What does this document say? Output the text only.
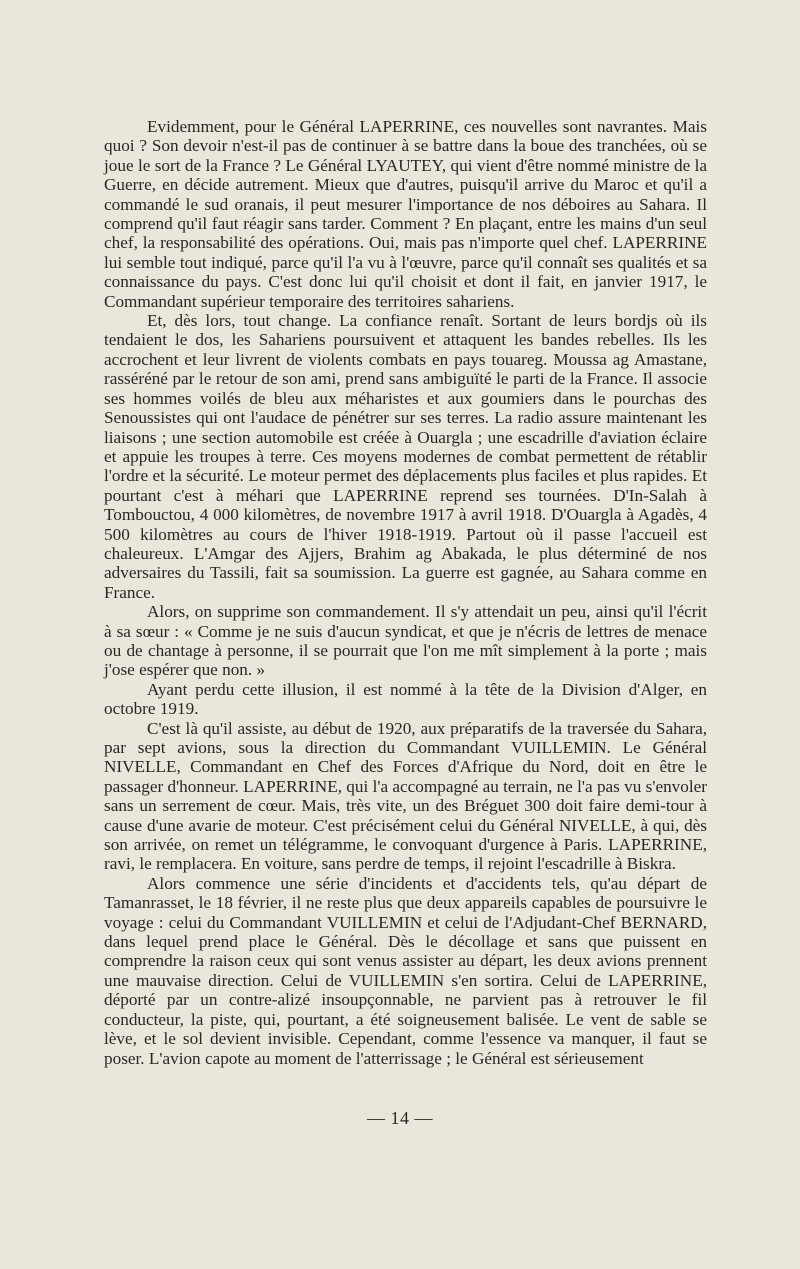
Evidemment, pour le Général LAPERRINE, ces nouvelles sont navrantes. Mais quoi ? Son devoir n'est-il pas de continuer à se battre dans la boue des tranchées, où se joue le sort de la France ? Le Général LYAUTEY, qui vient d'être nommé ministre de la Guerre, en décide autrement. Mieux que d'autres, puisqu'il arrive du Maroc et qu'il a commandé le sud oranais, il peut mesurer l'importance de nos déboires au Sahara. Il comprend qu'il faut réagir sans tarder. Comment ? En plaçant, entre les mains d'un seul chef, la responsabilité des opérations. Oui, mais pas n'importe quel chef. LAPERRINE lui semble tout indiqué, parce qu'il l'a vu à l'œuvre, parce qu'il connaît ses qualités et sa connaissance du pays. C'est donc lui qu'il choisit et dont il fait, en janvier 1917, le Commandant supérieur temporaire des territoires sahariens.

Et, dès lors, tout change. La confiance renaît. Sortant de leurs bordjs où ils tendaient le dos, les Sahariens poursuivent et attaquent les bandes rebelles. Ils les accrochent et leur livrent de violents combats en pays touareg. Moussa ag Amastane, rasséréné par le retour de son ami, prend sans ambiguïté le parti de la France. Il associe ses hommes voilés de bleu aux méharistes et aux goumiers dans le pourchas des Senoussistes qui ont l'audace de pénétrer sur ses terres. La radio assure maintenant les liaisons ; une section automobile est créée à Ouargla ; une escadrille d'aviation éclaire et appuie les troupes à terre. Ces moyens modernes de combat permettent de rétablir l'ordre et la sécurité. Le moteur permet des déplacements plus faciles et plus rapides. Et pourtant c'est à méhari que LAPERRINE reprend ses tournées. D'In-Salah à Tombouctou, 4 000 kilomètres, de novembre 1917 à avril 1918. D'Ouargla à Agadès, 4 500 kilomètres au cours de l'hiver 1918-1919. Partout où il passe l'accueil est chaleureux. L'Amgar des Ajjers, Brahim ag Abakada, le plus déterminé de nos adversaires du Tassili, fait sa soumission. La guerre est gagnée, au Sahara comme en France.

Alors, on supprime son commandement. Il s'y attendait un peu, ainsi qu'il l'écrit à sa sœur : « Comme je ne suis d'aucun syndicat, et que je n'écris de lettres de menace ou de chantage à personne, il se pourrait que l'on me mît simplement à la porte ; mais j'ose espérer que non. »

Ayant perdu cette illusion, il est nommé à la tête de la Division d'Alger, en octobre 1919.

C'est là qu'il assiste, au début de 1920, aux préparatifs de la traversée du Sahara, par sept avions, sous la direction du Commandant VUILLEMIN. Le Général NIVELLE, Commandant en Chef des Forces d'Afrique du Nord, doit en être le passager d'honneur. LAPERRINE, qui l'a accompagné au terrain, ne l'a pas vu s'envoler sans un serrement de cœur. Mais, très vite, un des Bréguet 300 doit faire demi-tour à cause d'une avarie de moteur. C'est précisément celui du Général NIVELLE, à qui, dès son arrivée, on remet un télégramme, le convoquant d'urgence à Paris. LAPERRINE, ravi, le remplacera. En voiture, sans perdre de temps, il rejoint l'escadrille à Biskra.

Alors commence une série d'incidents et d'accidents tels, qu'au départ de Tamanrasset, le 18 février, il ne reste plus que deux appareils capables de poursuivre le voyage : celui du Commandant VUILLEMIN et celui de l'Adjudant-Chef BERNARD, dans lequel prend place le Général. Dès le décollage et sans que puissent en comprendre la raison ceux qui sont venus assister au départ, les deux avions prennent une mauvaise direction. Celui de VUILLEMIN s'en sortira. Celui de LAPERRINE, déporté par un contre-alizé insoupçonnable, ne parvient pas à retrouver le fil conducteur, la piste, qui, pourtant, a été soigneusement balisée. Le vent de sable se lève, et le sol devient invisible. Cependant, comme l'essence va manquer, il faut se poser. L'avion capote au moment de l'atterrissage ; le Général est sérieusement

— 14 —
